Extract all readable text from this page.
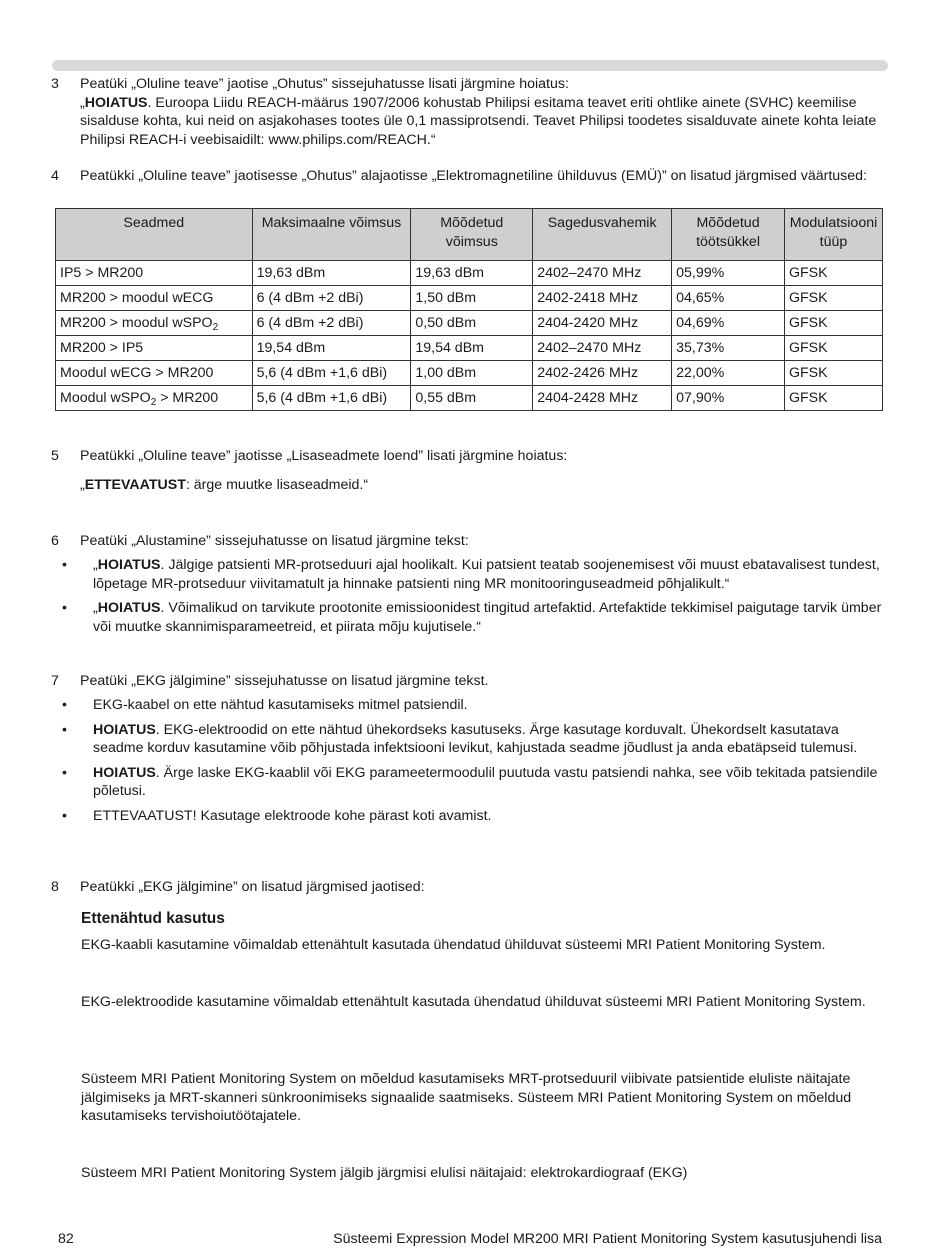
3 Peatüki „Oluline teave” jaotise „Ohutus” sissejuhatusse lisati järgmine hoiatus:
„HOIATUS. Euroopa Liidu REACH-määrus 1907/2006 kohustab Philipsi esitama teavet eriti ohtlike ainete (SVHC) keemilise sisalduse kohta, kui neid on asjakohases tootes üle 0,1 massiprotsendi. Teavet Philipsi toodetes sisalduvate ainete kohta leiate Philipsi REACH-i veebisaidilt: www.philips.com/REACH.“
4 Peatükki „Oluline teave” jaotisesse „Ohutus” alajaotisse „Elektromagnetiline ühilduvus (EMÜ)” on lisatud järgmised väärtused:
Seadmed	Maksimaalne võimsus	Mõõdetud võimsus	Sagedusvahemik	Mõõdetud töötsükkel	Modulatsiooni tüüp
IP5 > MR200	19,63 dBm	19,63 dBm	2402–2470 MHz	05,99%	GFSK
MR200 > moodul wECG	6 (4 dBm +2 dBi)	1,50 dBm	2402-2418 MHz	04,65%	GFSK
MR200 > moodul wSPO$_2$	6 (4 dBm +2 dBi)	0,50 dBm	2404-2420 MHz	04,69%	GFSK
MR200 > IP5	19,54 dBm	19,54 dBm	2402–2470 MHz	35,73%	GFSK
Moodul wECG > MR200	5,6 (4 dBm +1,6 dBi)	1,00 dBm	2402-2426 MHz	22,00%	GFSK
Moodul wSPO$_2$ > MR200	5,6 (4 dBm +1,6 dBi)	0,55 dBm	2404-2428 MHz	07,90%	GFSK
5 Peatükki „Oluline teave” jaotisse „Lisaseadmete loend” lisati järgmine hoiatus:
„ETTEVAATUST: ärge muutke lisaseadmeid.“
6 Peatüki „Alustamine” sissejuhatusse on lisatud järgmine tekst:
• „HOIATUS. Jälgige patsienti MR-protseduuri ajal hoolikalt. Kui patsient teatab soojenemisest või muust ebatavalisest tundest, lõpetage MR-protseduur viivitamatult ja hinnake patsienti ning MR monitooringuseadmeid põhjalikult.“
• „HOIATUS. Võimalikud on tarvikute prootonite emissioonidest tingitud artefaktid. Artefaktide tekkimisel paigutage tarvik ümber või muutke skannimisparameetreid, et piirata mõju kujutisele.“
7 Peatüki „EKG jälgimine” sissejuhatusse on lisatud järgmine tekst.
• EKG-kaabel on ette nähtud kasutamiseks mitmel patsiendil.
• HOIATUS. EKG-elektroodid on ette nähtud ühekordseks kasutuseks. Ärge kasutage korduvalt. Ühekordselt kasutatava seadme korduv kasutamine võib põhjustada infektsiooni levikut, kahjustada seadme jõudlust ja anda ebatäpseid tulemusi.
• HOIATUS. Ärge laske EKG-kaablil või EKG parameetermoodulil puutuda vastu patsiendi nahka, see võib tekitada patsiendile põletusi.
• ETTEVAATUST! Kasutage elektroode kohe pärast koti avamist.
8 Peatükki „EKG jälgimine” on lisatud järgmised jaotised:
Ettenähtud kasutus
EKG-kaabli kasutamine võimaldab ettenähtult kasutada ühendatud ühilduvat süsteemi MRI Patient Monitoring System.
EKG-elektroodide kasutamine võimaldab ettenähtult kasutada ühendatud ühilduvat süsteemi MRI Patient Monitoring System.
Süsteem MRI Patient Monitoring System on mõeldud kasutamiseks MRT-protseduuril viibivate patsientide eluliste näitajate jälgimiseks ja MRT-skanneri sünkroonimiseks signaalide saatmiseks. Süsteem MRI Patient Monitoring System on mõeldud kasutamiseks tervishoiutöötajatele.
Süsteem MRI Patient Monitoring System jälgib järgmisi elulisi näitajaid: elektrokardiograaf (EKG)
82	Süsteemi Expression Model MR200 MRI Patient Monitoring System kasutusjuhendi lisa
